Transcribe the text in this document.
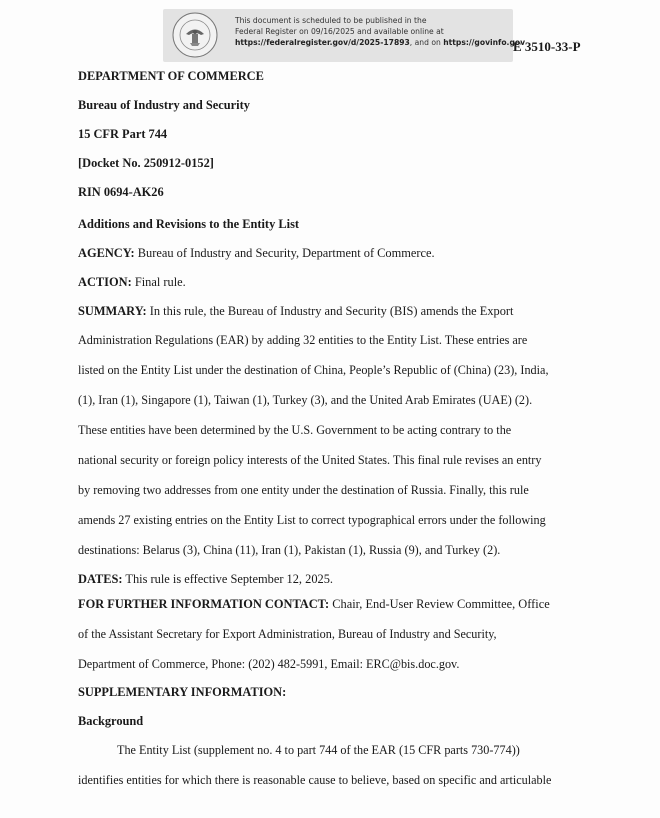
This document is scheduled to be published in the
Federal Register on 09/16/2025 and available online at
https://federalregister.gov/d/2025-17893, and on https://govinfo.gov
E 3510-33-P
DEPARTMENT OF COMMERCE
Bureau of Industry and Security
15 CFR Part 744
[Docket No. 250912-0152]
RIN 0694-AK26
Additions and Revisions to the Entity List
AGENCY: Bureau of Industry and Security, Department of Commerce.
ACTION: Final rule.
SUMMARY: In this rule, the Bureau of Industry and Security (BIS) amends the Export
Administration Regulations (EAR) by adding 32 entities to the Entity List. These entries are
listed on the Entity List under the destination of China, People’s Republic of (China) (23), India,
(1), Iran (1), Singapore (1), Taiwan (1), Turkey (3), and the United Arab Emirates (UAE) (2).
These entities have been determined by the U.S. Government to be acting contrary to the
national security or foreign policy interests of the United States. This final rule revises an entry
by removing two addresses from one entity under the destination of Russia. Finally, this rule
amends 27 existing entries on the Entity List to correct typographical errors under the following
destinations: Belarus (3), China (11), Iran (1), Pakistan (1), Russia (9), and Turkey (2).
DATES: This rule is effective September 12, 2025.
FOR FURTHER INFORMATION CONTACT: Chair, End-User Review Committee, Office
of the Assistant Secretary for Export Administration, Bureau of Industry and Security,
Department of Commerce, Phone: (202) 482-5991, Email: ERC@bis.doc.gov.
SUPPLEMENTARY INFORMATION:
Background
The Entity List (supplement no. 4 to part 744 of the EAR (15 CFR parts 730-774))
identifies entities for which there is reasonable cause to believe, based on specific and articulable
